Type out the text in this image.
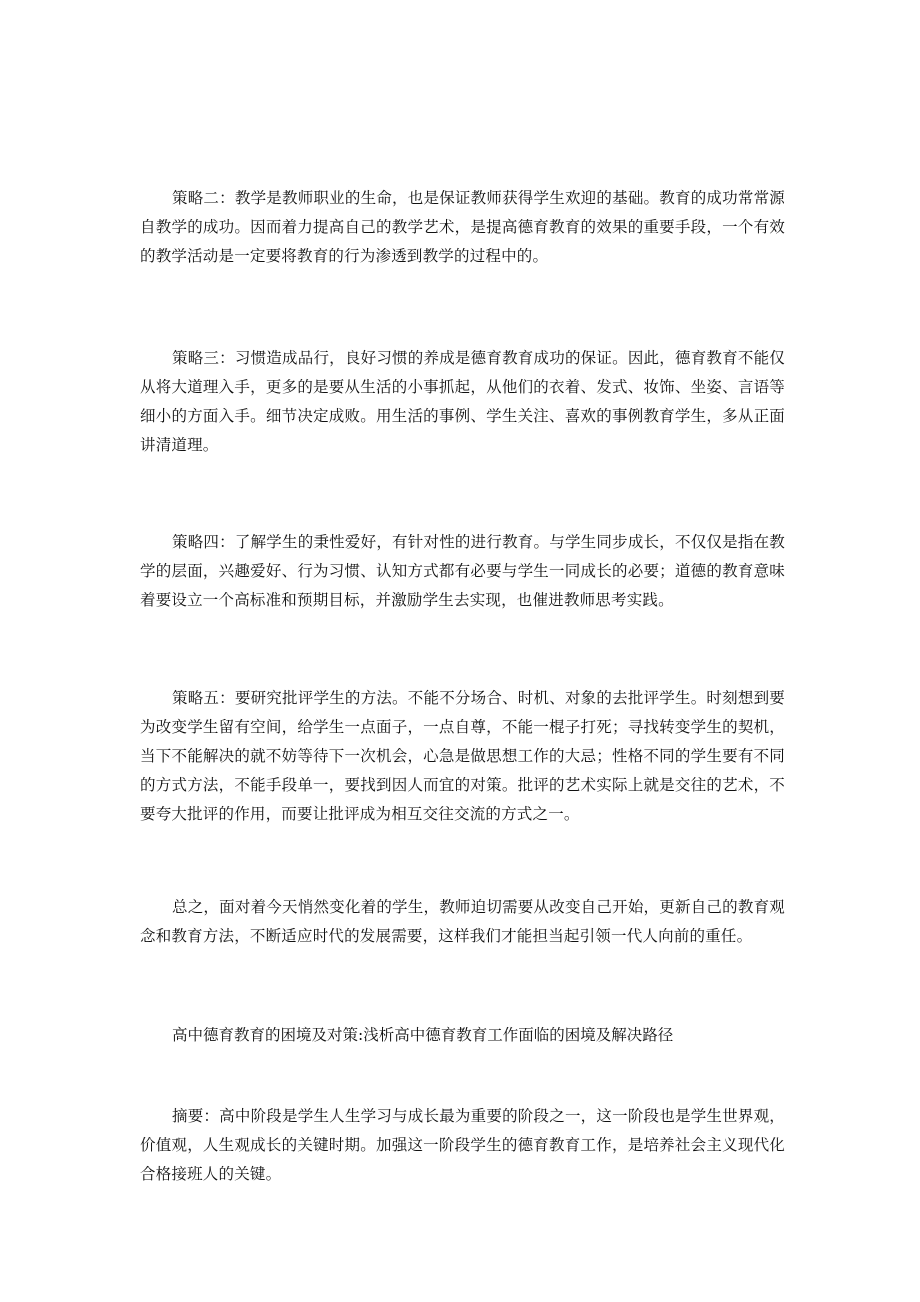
策略二：教学是教师职业的生命，也是保证教师获得学生欢迎的基础。教育的成功常常源自教学的成功。因而着力提高自己的教学艺术，是提高德育教育的效果的重要手段，一个有效的教学活动是一定要将教育的行为渗透到教学的过程中的。

策略三：习惯造成品行，良好习惯的养成是德育教育成功的保证。因此，德育教育不能仅从将大道理入手，更多的是要从生活的小事抓起，从他们的衣着、发式、妆饰、坐姿、言语等细小的方面入手。细节决定成败。用生活的事例、学生关注、喜欢的事例教育学生，多从正面讲清道理。

策略四：了解学生的秉性爱好，有针对性的进行教育。与学生同步成长，不仅仅是指在教学的层面，兴趣爱好、行为习惯、认知方式都有必要与学生一同成长的必要；道德的教育意味着要设立一个高标准和预期目标，并激励学生去实现，也催进教师思考实践。

策略五：要研究批评学生的方法。不能不分场合、时机、对象的去批评学生。时刻想到要为改变学生留有空间，给学生一点面子，一点自尊，不能一棍子打死；寻找转变学生的契机，当下不能解决的就不妨等待下一次机会，心急是做思想工作的大忌；性格不同的学生要有不同的方式方法，不能手段单一，要找到因人而宜的对策。批评的艺术实际上就是交往的艺术，不要夸大批评的作用，而要让批评成为相互交往交流的方式之一。

总之，面对着今天悄然变化着的学生，教师迫切需要从改变自己开始，更新自己的教育观念和教育方法，不断适应时代的发展需要，这样我们才能担当起引领一代人向前的重任。

高中德育教育的困境及对策:浅析高中德育教育工作面临的困境及解决路径

摘要：高中阶段是学生人生学习与成长最为重要的阶段之一，这一阶段也是学生世界观，价值观，人生观成长的关键时期。加强这一阶段学生的德育教育工作，是培养社会主义现代化合格接班人的关键。
